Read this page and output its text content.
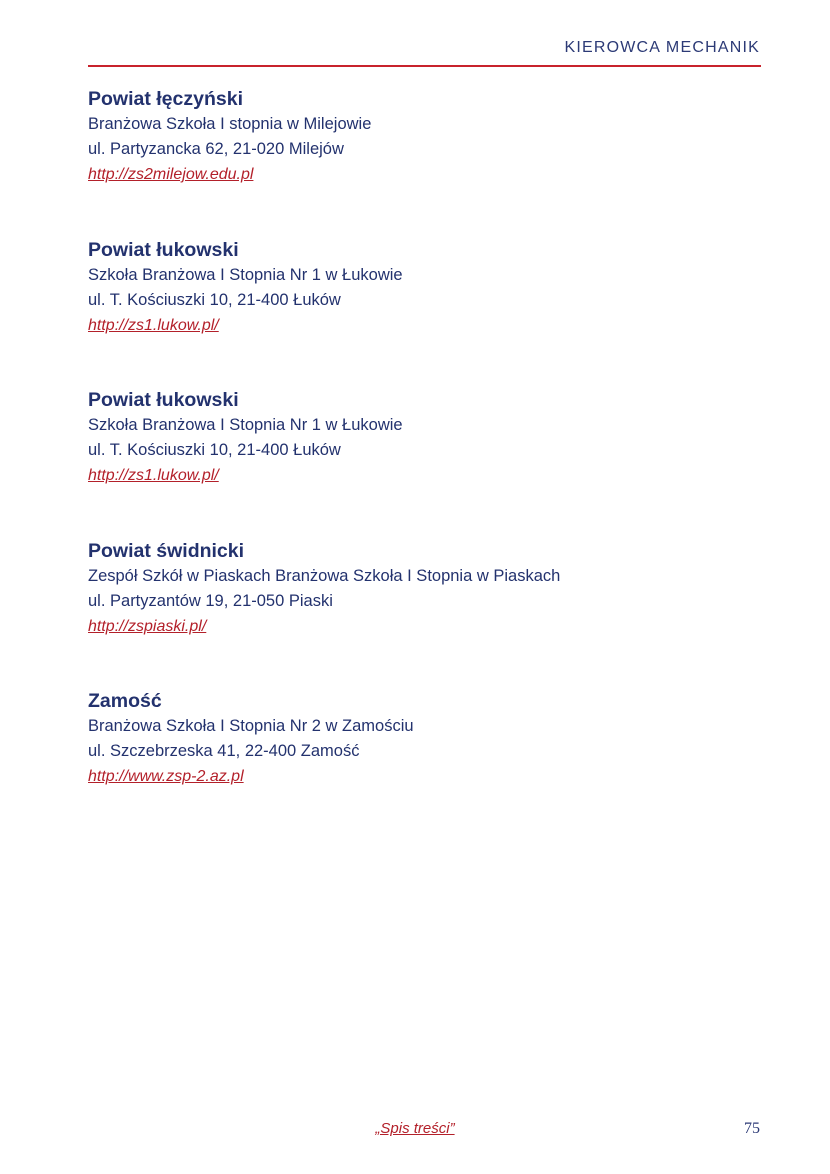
KIEROWCA MECHANIK

Powiat łęczyński

Branżowa Szkoła I stopnia w Milejowie

ul. Partyzancka 62, 21-020 Milejów

http://zs2milejow.edu.pl

Powiat łukowski

Szkoła Branżowa I Stopnia Nr 1 w Łukowie

ul. T. Kościuszki 10, 21-400 Łuków

http://zs1.lukow.pl/

Powiat łukowski

Szkoła Branżowa I Stopnia Nr 1 w Łukowie

ul. T. Kościuszki 10, 21-400 Łuków

http://zs1.lukow.pl/

Powiat świdnicki

Zespół Szkół w Piaskach Branżowa Szkoła I Stopnia w Piaskach

ul. Partyzantów 19, 21-050 Piaski

http://zspiaski.pl/

Zamość

Branżowa Szkoła I Stopnia Nr 2 w Zamościu

ul. Szczebrzeska 41, 22-400 Zamość

http://www.zsp-2.az.pl
„Spis treści”	75
